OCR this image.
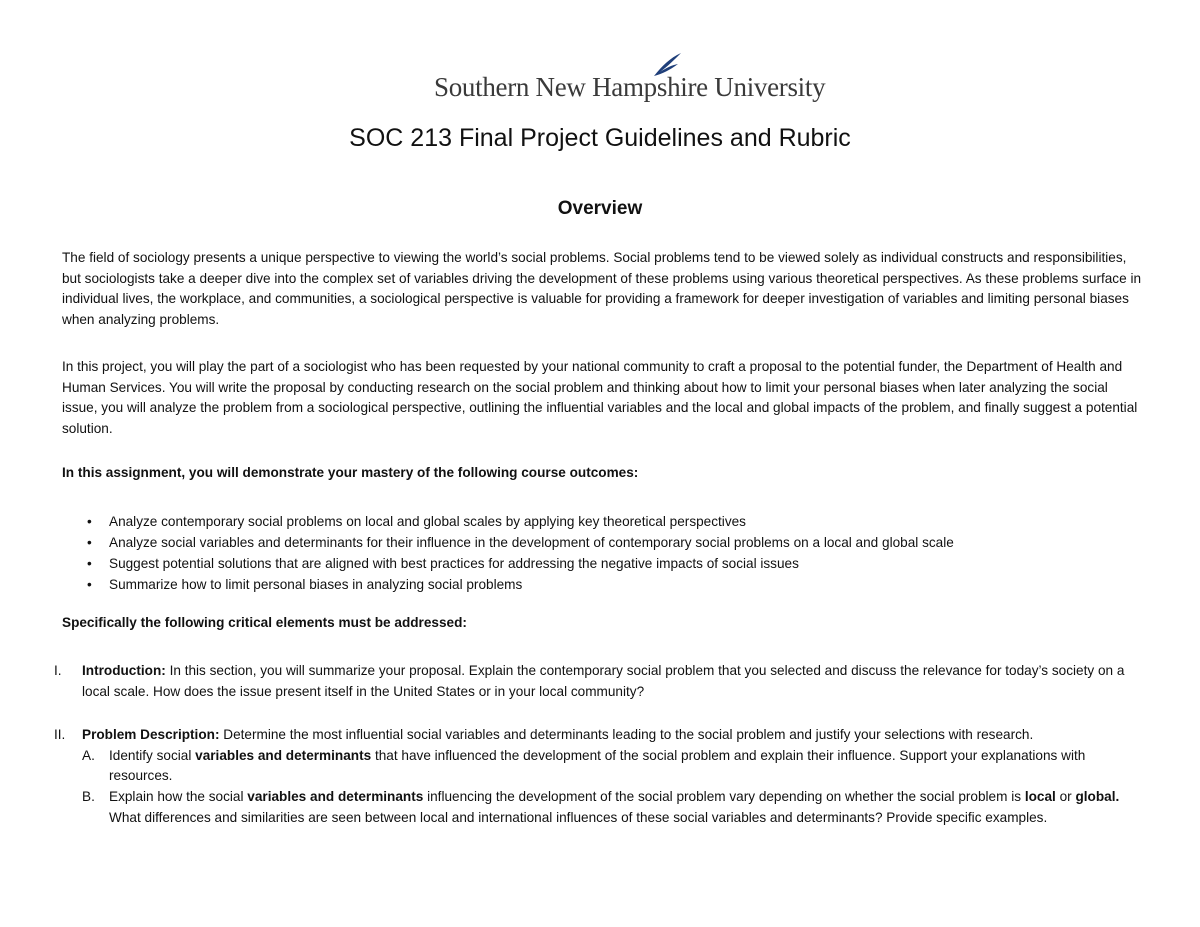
Southern New Hampshire University
SOC 213 Final Project Guidelines and Rubric
Overview

The field of sociology presents a unique perspective to viewing the world’s social problems. Social problems tend to be viewed solely as individual constructs and responsibilities, but sociologists take a deeper dive into the complex set of variables driving the development of these problems using various theoretical perspectives. As these problems surface in individual lives, the workplace, and communities, a sociological perspective is valuable for providing a framework for deeper investigation of variables and limiting personal biases when analyzing problems.

In this project, you will play the part of a sociologist who has been requested by your national community to craft a proposal to the potential funder, the Department of Health and Human Services. You will write the proposal by conducting research on the social problem and thinking about how to limit your personal biases when later analyzing the social issue, you will analyze the problem from a sociological perspective, outlining the influential variables and the local and global impacts of the problem, and finally suggest a potential solution.

In this assignment, you will demonstrate your mastery of the following course outcomes:

• Analyze contemporary social problems on local and global scales by applying key theoretical perspectives
• Analyze social variables and determinants for their influence in the development of contemporary social problems on a local and global scale
• Suggest potential solutions that are aligned with best practices for addressing the negative impacts of social issues
• Summarize how to limit personal biases in analyzing social problems

Specifically the following critical elements must be addressed:

I. Introduction: In this section, you will summarize your proposal. Explain the contemporary social problem that you selected and discuss the relevance for today’s society on a local scale. How does the issue present itself in the United States or in your local community?
II. Problem Description: Determine the most influential social variables and determinants leading to the social problem and justify your selections with research.
A. Identify social variables and determinants that have influenced the development of the social problem and explain their influence. Support your explanations with resources.
B. Explain how the social variables and determinants influencing the development of the social problem vary depending on whether the social problem is local or global. What differences and similarities are seen between local and international influences of these social variables and determinants? Provide specific examples.
